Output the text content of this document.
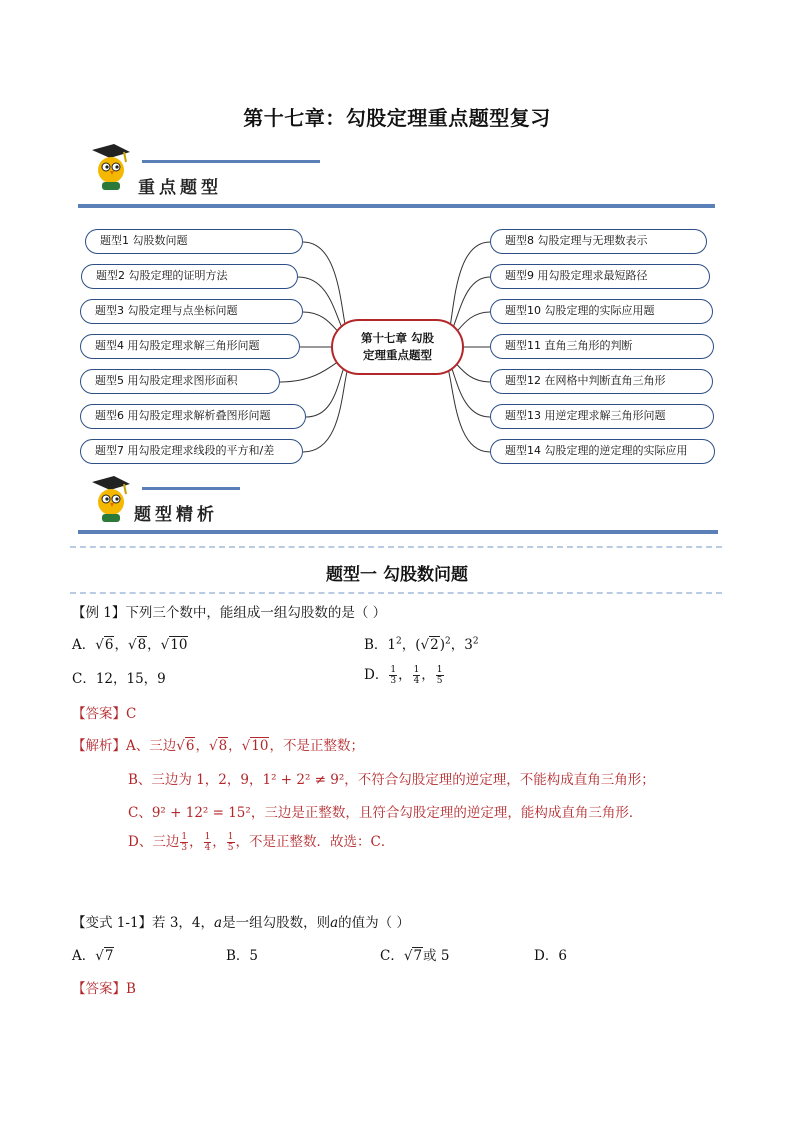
第十七章：勾股定理重点题型复习
重点题型
题型1 勾股数问题
题型2 勾股定理的证明方法
题型3 勾股定理与点坐标问题
题型4 用勾股定理求解三角形问题
题型5 用勾股定理求图形面积
题型6 用勾股定理求解析叠图形问题
题型7 用勾股定理求线段的平方和/差
第十七章 勾股
定理重点题型
题型8 勾股定理与无理数表示
题型9 用勾股定理求最短路径
题型10 勾股定理的实际应用题
题型11 直角三角形的判断
题型12 在网格中判断直角三角形
题型13 用逆定理求解三角形问题
题型14 勾股定理的逆定理的实际应用
题型精析
题型一 勾股数问题
【例 1】下列三个数中，能组成一组勾股数的是（ ）
A．√6，√8，√10	B．$1^2$，$(√2)^2$，$3^2$
C．12，15，9	D． $\frac{1}{3}$ ， $\frac{1}{4}$ ， $\frac{1}{5}$
【答案】C
【解析】A、三边√6，√8，√10，不是正整数；
B、三边为 1，2，9，1² + 2² ≠ 9²，不符合勾股定理的逆定理，不能构成直角三角形；
C、9² + 12² = 15²，三边是正整数，且符合勾股定理的逆定理，能构成直角三角形．
D、三边 $\frac{1}{3}$ ， $\frac{1}{4}$ ， $\frac{1}{5}$ ，不是正整数．故选：C．
【变式 1-1】若 3，4，a是一组勾股数，则a的值为（ ）
A．√7	B．5	C．√7或 5	D．6
【答案】B
